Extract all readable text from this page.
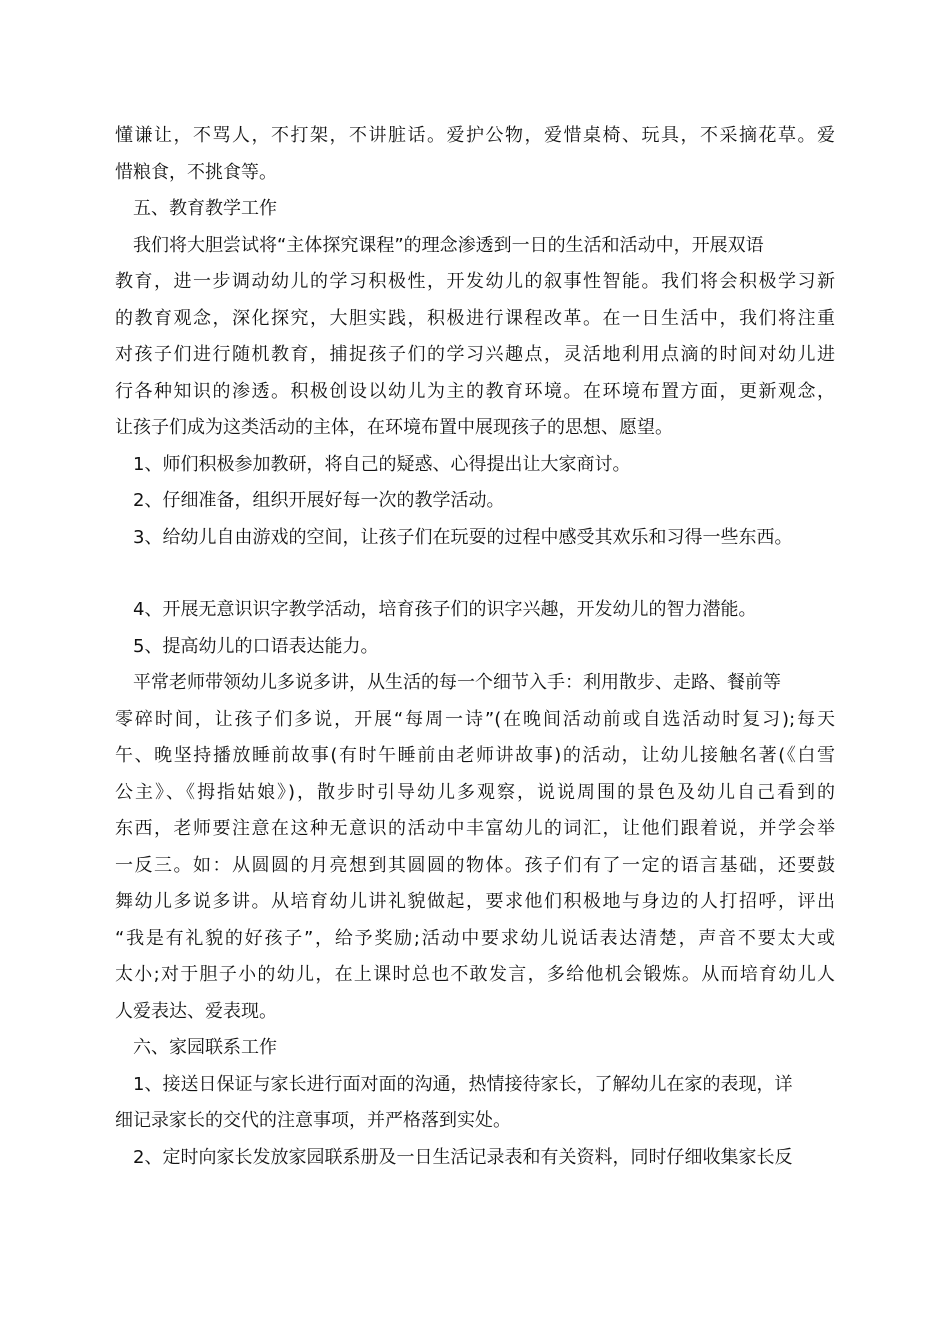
懂谦让，不骂人，不打架，不讲脏话。爱护公物，爱惜桌椅、玩具，不采摘花草。爱
惜粮食，不挑食等。
五、教育教学工作
我们将大胆尝试将“主体探究课程”的理念渗透到一日的生活和活动中，开展双语
教育，进一步调动幼儿的学习积极性，开发幼儿的叙事性智能。我们将会积极学习新
的教育观念，深化探究，大胆实践，积极进行课程改革。在一日生活中，我们将注重
对孩子们进行随机教育，捕捉孩子们的学习兴趣点，灵活地利用点滴的时间对幼儿进
行各种知识的渗透。积极创设以幼儿为主的教育环境。在环境布置方面，更新观念，
让孩子们成为这类活动的主体，在环境布置中展现孩子的思想、愿望。
1、师们积极参加教研，将自己的疑惑、心得提出让大家商讨。
2、仔细准备，组织开展好每一次的教学活动。
3、给幼儿自由游戏的空间，让孩子们在玩耍的过程中感受其欢乐和习得一些东西。
4、开展无意识识字教学活动，培育孩子们的识字兴趣，开发幼儿的智力潜能。
5、提高幼儿的口语表达能力。
平常老师带领幼儿多说多讲，从生活的每一个细节入手：利用散步、走路、餐前等
零碎时间，让孩子们多说，开展“每周一诗”(在晚间活动前或自选活动时复习);每天
午、晚坚持播放睡前故事(有时午睡前由老师讲故事)的活动，让幼儿接触名著(《白雪
公主》、《拇指姑娘》)，散步时引导幼儿多观察，说说周围的景色及幼儿自己看到的
东西，老师要注意在这种无意识的活动中丰富幼儿的词汇，让他们跟着说，并学会举
一反三。如：从圆圆的月亮想到其圆圆的物体。孩子们有了一定的语言基础，还要鼓
舞幼儿多说多讲。从培育幼儿讲礼貌做起，要求他们积极地与身边的人打招呼，评出
“我是有礼貌的好孩子”，给予奖励;活动中要求幼儿说话表达清楚，声音不要太大或
太小;对于胆子小的幼儿，在上课时总也不敢发言，多给他机会锻炼。从而培育幼儿人
人爱表达、爱表现。
六、家园联系工作
1、接送日保证与家长进行面对面的沟通，热情接待家长，了解幼儿在家的表现，详
细记录家长的交代的注意事项，并严格落到实处。
2、定时向家长发放家园联系册及一日生活记录表和有关资料，同时仔细收集家长反
